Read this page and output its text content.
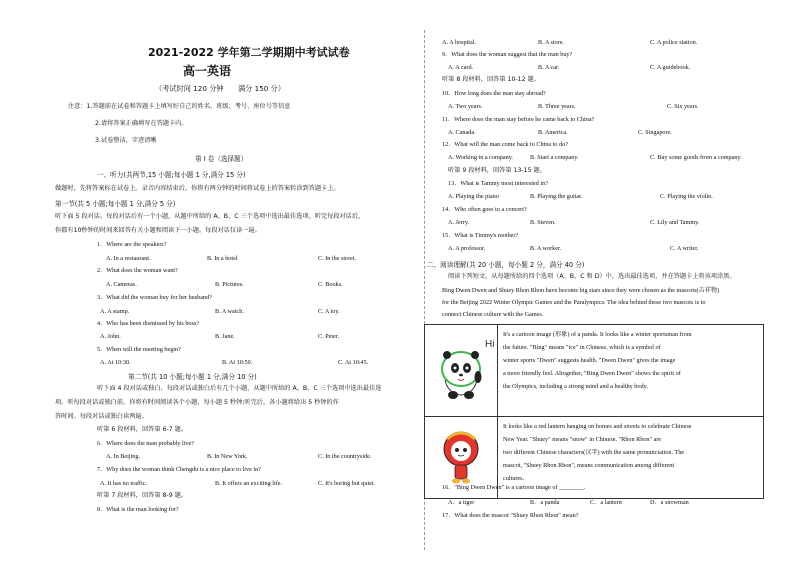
2021-2022 学年第二学期期中考试试卷
高一英语
（考试时间 120 分钟　　满分 150 分）
注意：1.答题前在试卷和答题卡上填写好自己的姓名、班级、考号、座位号等信息
2.请将答案正确填写在答题卡内。
3.试卷整洁，字迹清晰
第 I 卷（选择题）
一、听力(共两节,15 小题;每小题 1 分,满分 15 分)
做题时，先将答案标在试卷上。录音内容结束后，你将有两分钟的时间将试卷上的答案转涂到答题卡上。
第一节(共 5 小题;每小题 1 分,满分 5 分)
听下面 5 段对话。每段对话后有一个小题，从题中所给的 A、B、C 三个选项中选出最佳选项。听完每段对话后，
你都有10秒钟的时间来回答有关小题和阅读下一小题。每段对话仅读一遍。
1．Where are the speakers?
A. In a restaurant.	B. In a hotel	C. In the street.
2．What does the woman want?
A. Cameras.	B. Pictures.	C. Books.
3．What did the woman buy for her husband?
A. A stamp.	B. A watch.	C. A toy.
4．Who has been dismissed by his boss?
A. John.	B. Jane.	C. Peter.
5．When will the meeting begin?
A. At 10:30.	B. At 10:50.	C. At 10:45.
第二节(共 10 小题;每小题 1 分,满分 10 分)
听下面 4 段对话或独白。每段对话或独白后有几个小题，从题中所给的 A、B、C 三个选项中选出最佳选
项。听每段对话或独白前，你将有时间阅读各个小题，每小题 5 秒钟;听完后，各小题将给出 5 秒钟的作
答时间。每段对话或独白读两遍。
听第 6 段材料，回答第 6-7 题。
6．Where does the man probably live?
A. In Beijing.	B. In New York.	C. In the countryside.
7．Why does the woman think Chengdu is a nice place to live in?
A. It has no traffic.	B. It offers an exciting life.	C. It's boring but quiet.
听第 7 段材料，回答第 8-9 题。
8．What is the man looking for?
A. A hospital.	B. A store.	C. A police station.
9．What does the woman suggest that the man buy?
A. A card.	B. A car.	C. A guidebook.
听第 8 段材料，回答第 10-12 题。
10．How long does the man stay abroad?
A. Two years.	B. Three years.	C. Six years.
11．Where does the man stay before he came back to China?
A. Canada.	B. America.	C. Singapore.
12．What will the man come back to China to do?
A. Working in a company.	B. Start a company.	C. Buy some goods from a company.
听第 9 段材料，回答第 13-15 题。
13．What is Tammy most interested in?
A. Playing the piano	B. Playing the guitar.	C. Playing the violin.
14．Who often goes to a concert?
A. Jerry.	B. Steven.	C. Lily and Tammy.
15．What is Timmy's mother?
A. A professor.	B. A worker.	C. A writer.
二、阅读理解(共 20 小题，每小题 2 分，满分 40 分)
阅读下列短文，从每题所给的四个选项（A、B、C 和 D）中，选出最佳选项，并在答题卡上将该项涂黑。
Bing Dwen Dwen and Shuey Rhon Rhon have become big stars since they were chosen as the mascots(吉祥物)
for the Beijing 2022 Winter Olympic Games and the Paralympics. The idea behind these two mascots is to
connect Chinese culture with the Games.
Hi	It's a cartoon image (形象) of a panda. It looks like a winter sportsman from
the future. "Bing" means "ice" in Chinese, which is a symbol of
winter sports "Dwen" suggests health. "Dwen Dwen" gives the image
a more friendly feel. Altogether, "Bing Dwen Dwen" shows the spirit of
the Olympics, including a strong mind and a healthy body.

It looks like a red lantern hanging on homes and streets to celebrate Chinese
New Year. "Shuey" means "snow" in Chinese. "Rhon Rhon" are
two different Chinese characters(汉字) with the same pronunciation. The
mascot, "Shuey Rhon Rhon", means communication among different
cultures.
16．"Bing Dwen Dwen" is a cartoon image of ________.
A．a tiger	B．a panda	C．a lantern	D．a snowman
17．What does the mascot "Shuey Rhon Rhon" mean?
